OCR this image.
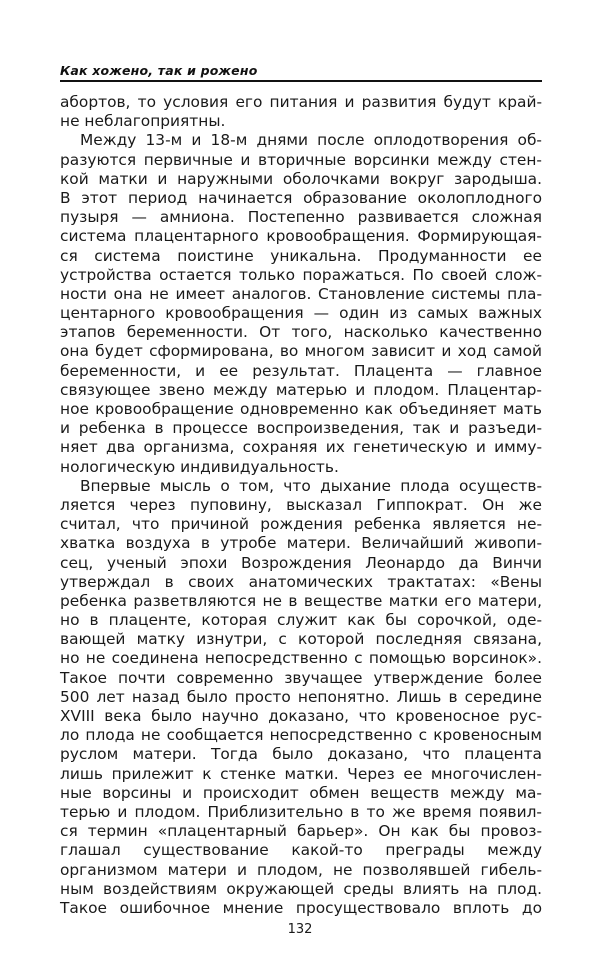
Как хожено, так и рожено
абортов, то условия его питания и развития будут край-
не неблагоприятны.
Между 13-м и 18-м днями после оплодотворения об-
разуются первичные и вторичные ворсинки между стен-
кой матки и наружными оболочками вокруг зародыша.
В этот период начинается образование околоплодного
пузыря — амниона. Постепенно развивается сложная
система плацентарного кровообращения. Формирующая-
ся система поистине уникальна. Продуманности ее
устройства остается только поражаться. По своей слож-
ности она не имеет аналогов. Становление системы пла-
центарного кровообращения — один из самых важных
этапов беременности. От того, насколько качественно
она будет сформирована, во многом зависит и ход самой
беременности, и ее результат. Плацента — главное
связующее звено между матерью и плодом. Плацентар-
ное кровообращение одновременно как объединяет мать
и ребенка в процессе воспроизведения, так и разъеди-
няет два организма, сохраняя их генетическую и имму-
нологическую индивидуальность.
Впервые мысль о том, что дыхание плода осуществ-
ляется через пуповину, высказал Гиппократ. Он же
считал, что причиной рождения ребенка является не-
хватка воздуха в утробе матери. Величайший живопи-
сец, ученый эпохи Возрождения Леонардо да Винчи
утверждал в своих анатомических трактатах: «Вены
ребенка разветвляются не в веществе матки его матери,
но в плаценте, которая служит как бы сорочкой, оде-
вающей матку изнутри, с которой последняя связана,
но не соединена непосредственно с помощью ворсинок».
Такое почти современно звучащее утверждение более
500 лет назад было просто непонятно. Лишь в середине
XVIII века было научно доказано, что кровеносное рус-
ло плода не сообщается непосредственно с кровеносным
руслом матери. Тогда было доказано, что плацента
лишь прилежит к стенке матки. Через ее многочислен-
ные ворсины и происходит обмен веществ между ма-
терью и плодом. Приблизительно в то же время появил-
ся термин «плацентарный барьер». Он как бы провоз-
глашал существование какой-то преграды между
организмом матери и плодом, не позволявшей гибель-
ным воздействиям окружающей среды влиять на плод.
Такое ошибочное мнение просуществовало вплоть до
132
